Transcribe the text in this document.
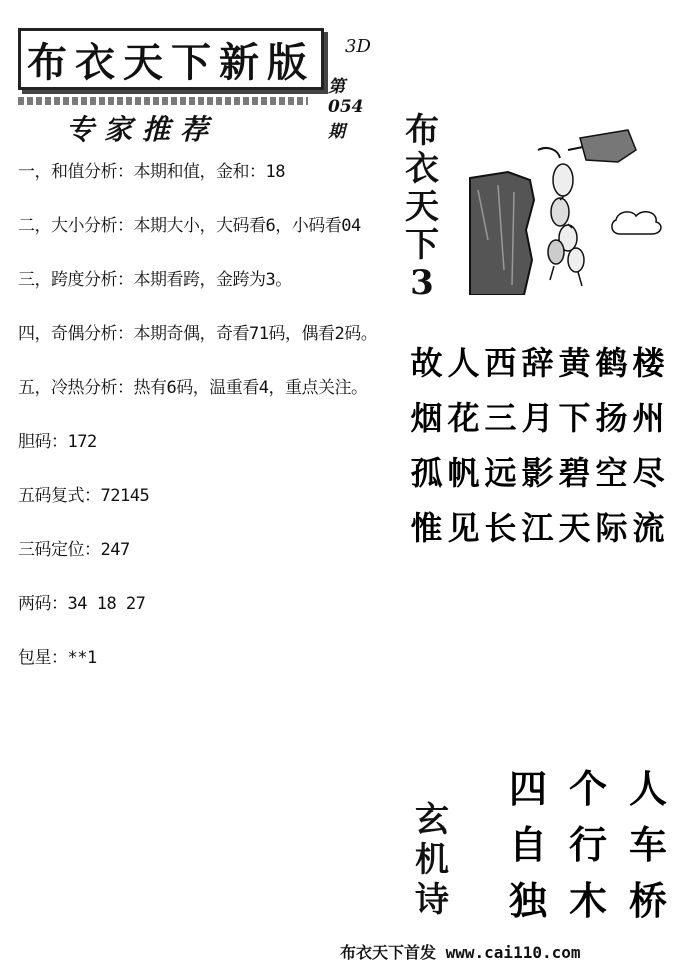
布衣天下新版 3D
第054期
专家推荐
一，和值分析：本期和值，金和：18
二，大小分析：本期大小，大码看6，小码看04
三，跨度分析：本期看跨，金跨为3。
四，奇偶分析：本期奇偶，奇看71码，偶看2码。
五，冷热分析：热有6码，温重看4，重点关注。
胆码：172
五码复式：72145
三码定位：247
两码：34 18 27
包星：**1
布
衣
天
下
3
故 人 西 辞 黄 鹤 楼
烟 花 三 月 下 扬 州
孤 帆 远 影 碧 空 尽
惟 见 长 江 天 际 流
玄
机
诗
四 个 人
自 行 车
独 木 桥
布衣天下首发 www.cai110.com
